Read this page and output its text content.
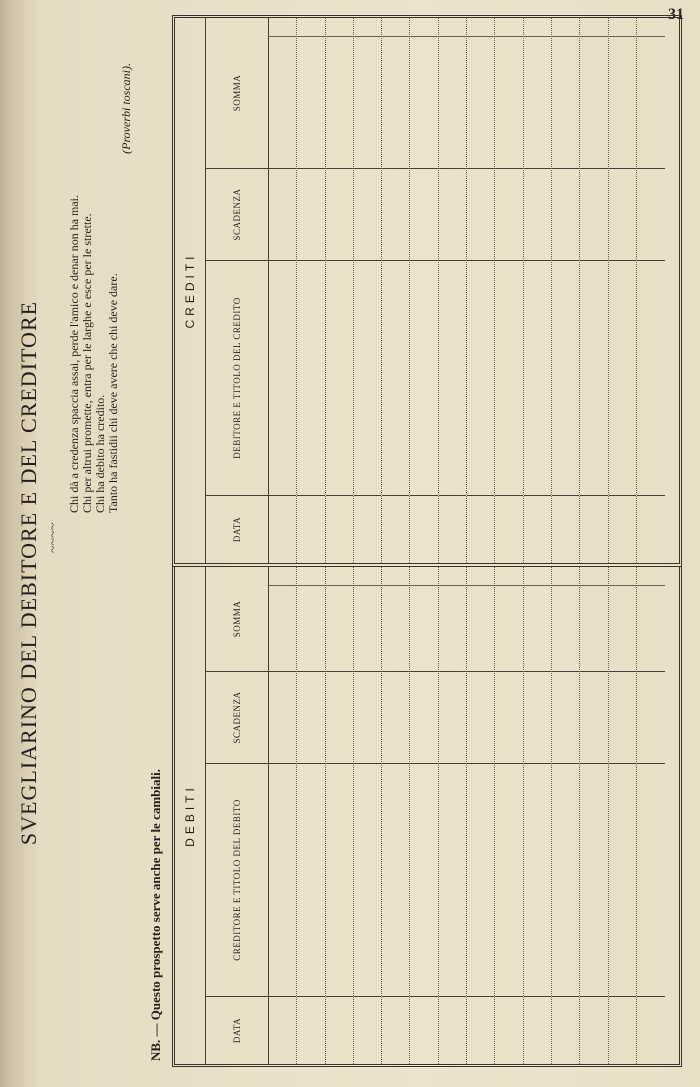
31
SVEGLIARINO DEL DEBITORE E DEL CREDITORE ~~~~
Chi dà a credenza spaccia assai, perde l'amico e denar non ha mai. Chi per altrui promette, entra per le larghe e esce per le strette. Chi ha debito ha credito. Tanto ha fastidii chi deve avere che chi deve dare.
(Proverbi toscani).
NB. — Questo prospetto serve anche per le cambiali.	DEBITI
DATA
CREDITORE E TITOLO DEL DEBITO
SCADENZA
SOMMA
CREDITI
DATA
DEBITORE E TITOLO DEL CREDITO
SCADENZA
SOMMA
